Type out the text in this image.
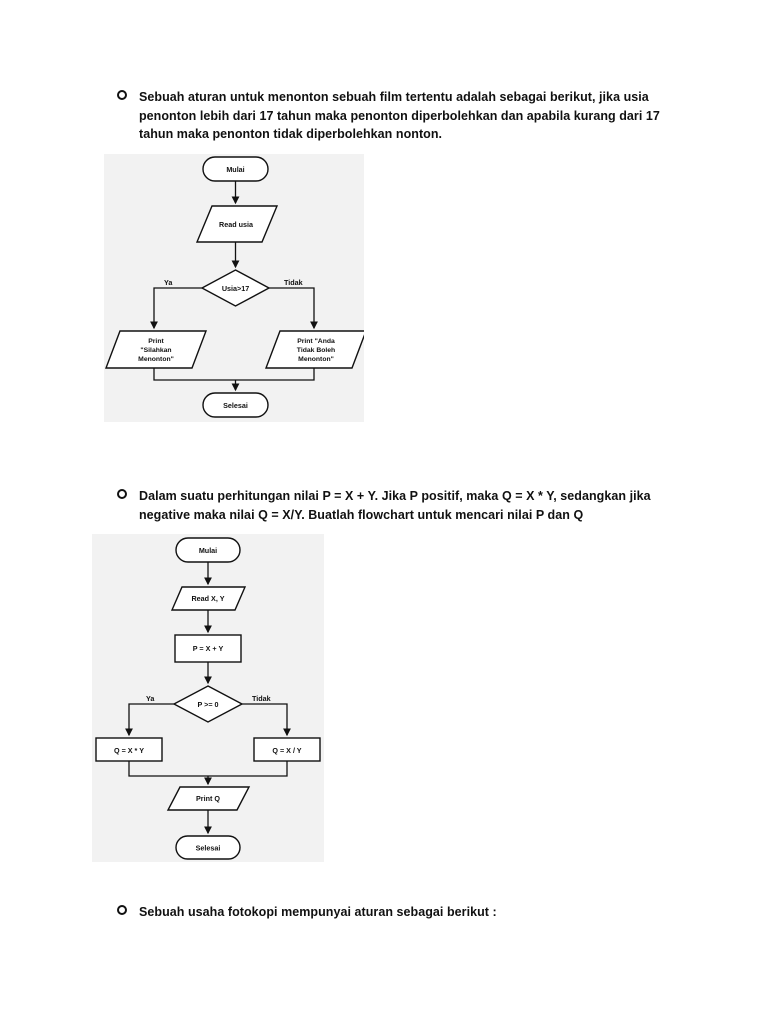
Sebuah aturan untuk menonton sebuah film tertentu adalah sebagai berikut, jika usia
penonton lebih dari 17 tahun maka penonton diperbolehkan dan apabila kurang dari 17
tahun maka penonton tidak diperbolehkan nonton.
Mulai
Read usia
Usia>17
Ya	Tidak
Print
"Silahkan
Menonton"
Print "Anda
Tidak Boleh
Menonton"
Selesai
Dalam suatu perhitungan nilai P = X + Y. Jika P positif, maka Q = X * Y, sedangkan jika
negative maka nilai Q = X/Y. Buatlah flowchart untuk mencari nilai P dan Q
Mulai
Read X, Y
P = X + Y
P >= 0
Ya	Tidak
Q = X * Y	Q = X / Y
Print Q
Selesai
Sebuah usaha fotokopi mempunyai aturan sebagai berikut :
